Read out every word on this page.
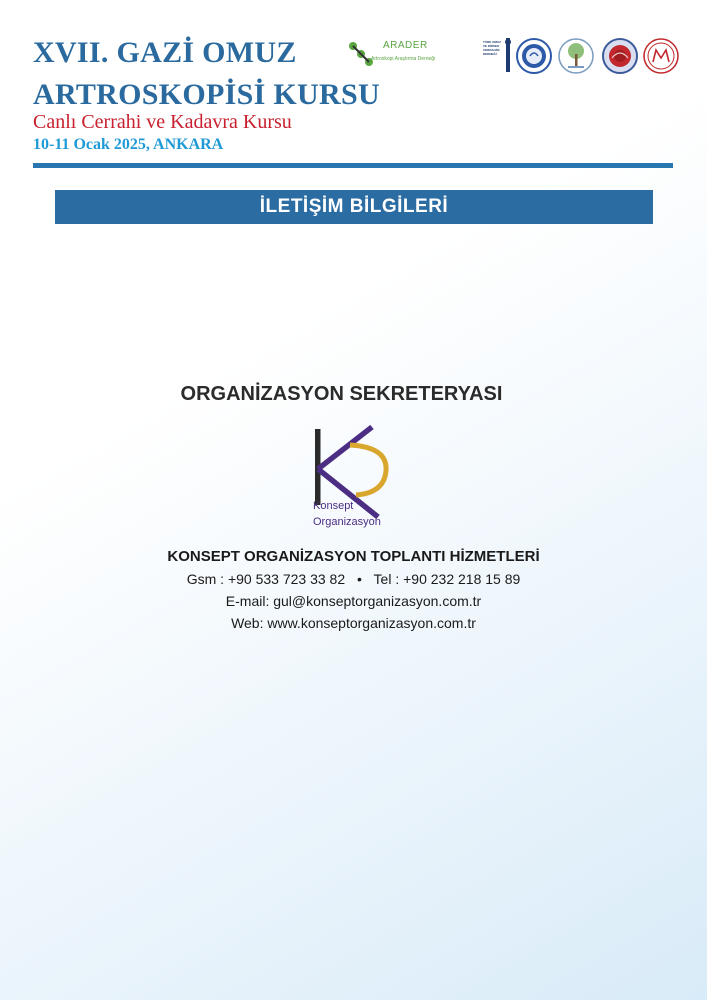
XVII. GAZİ OMUZ
ARTROSKOPİSİ KURSU
Canlı Cerrahi ve Kadavra Kursu
10-11 Ocak 2025, ANKARA
ARADER
Artroskopi Araştırma Derneği
TÜRK OMUZ VE DİRSEK CERRAHİSİ DERNEĞİ
İLETİŞİM BİLGİLERİ
ORGANİZASYON SEKRETERYASI
Konsept
Organizasyon
KONSEPT ORGANİZASYON TOPLANTI HİZMETLERİ
Gsm : +90 533 723 33 82 • Tel : +90 232 218 15 89
E-mail: gul@konseptorganizasyon.com.tr
Web: www.konseptorganizasyon.com.tr
